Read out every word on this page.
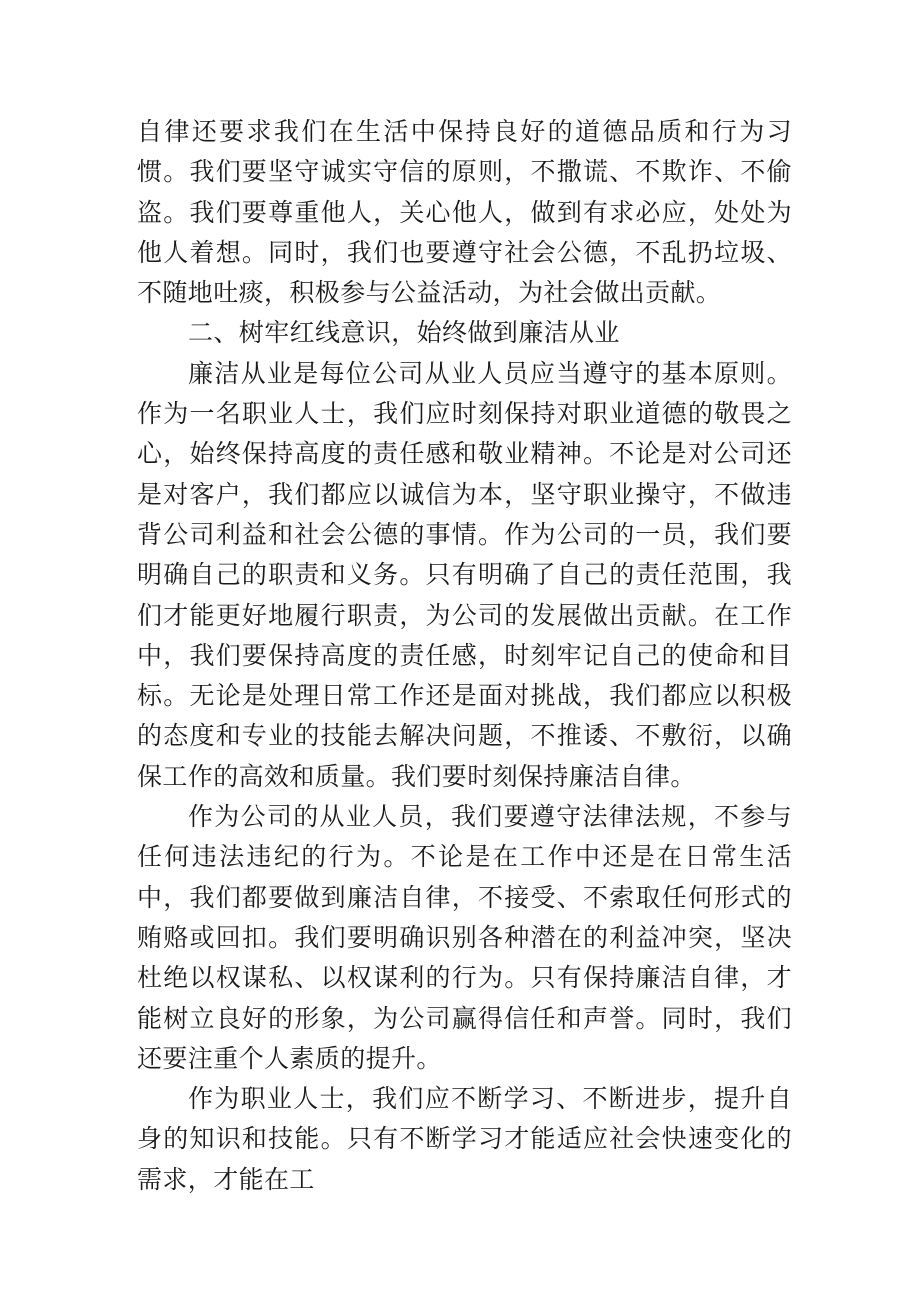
自律还要求我们在生活中保持良好的道德品质和行为习惯。我们要坚守诚实守信的原则，不撒谎、不欺诈、不偷盗。我们要尊重他人，关心他人，做到有求必应，处处为他人着想。同时，我们也要遵守社会公德，不乱扔垃圾、不随地吐痰，积极参与公益活动，为社会做出贡献。

二、树牢红线意识，始终做到廉洁从业

廉洁从业是每位公司从业人员应当遵守的基本原则。作为一名职业人士，我们应时刻保持对职业道德的敬畏之心，始终保持高度的责任感和敬业精神。不论是对公司还是对客户，我们都应以诚信为本，坚守职业操守，不做违背公司利益和社会公德的事情。作为公司的一员，我们要明确自己的职责和义务。只有明确了自己的责任范围，我们才能更好地履行职责，为公司的发展做出贡献。在工作中，我们要保持高度的责任感，时刻牢记自己的使命和目标。无论是处理日常工作还是面对挑战，我们都应以积极的态度和专业的技能去解决问题，不推诿、不敷衍，以确保工作的高效和质量。我们要时刻保持廉洁自律。

作为公司的从业人员，我们要遵守法律法规，不参与任何违法违纪的行为。不论是在工作中还是在日常生活中，我们都要做到廉洁自律，不接受、不索取任何形式的贿赂或回扣。我们要明确识别各种潜在的利益冲突，坚决杜绝以权谋私、以权谋利的行为。只有保持廉洁自律，才能树立良好的形象，为公司赢得信任和声誉。同时，我们还要注重个人素质的提升。

作为职业人士，我们应不断学习、不断进步，提升自身的知识和技能。只有不断学习才能适应社会快速变化的需求，才能在工
